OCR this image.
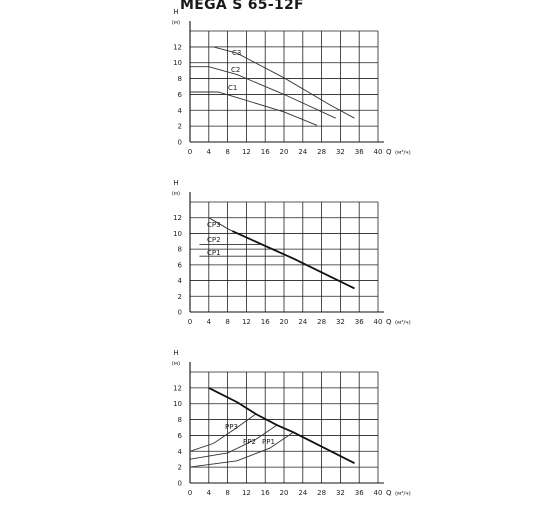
MEGA S 65-12F
0
2
4
6
8
10
12
0 4 8 12 16 20 24 28 32 36 40
H
(м)
Q (м³/ч)
C3
C2
C1
0
2
4
6
8
10
12
0 4 8 12 16 20 24 28 32 36 40
H
(м)
Q (м³/ч)
CP3
CP2
CP1
0
2
4
6
8
10
12
0 4 8 12 16 20 24 28 32 36 40
H
(м)
Q (м³/ч)
PP3
PP2 PP1
